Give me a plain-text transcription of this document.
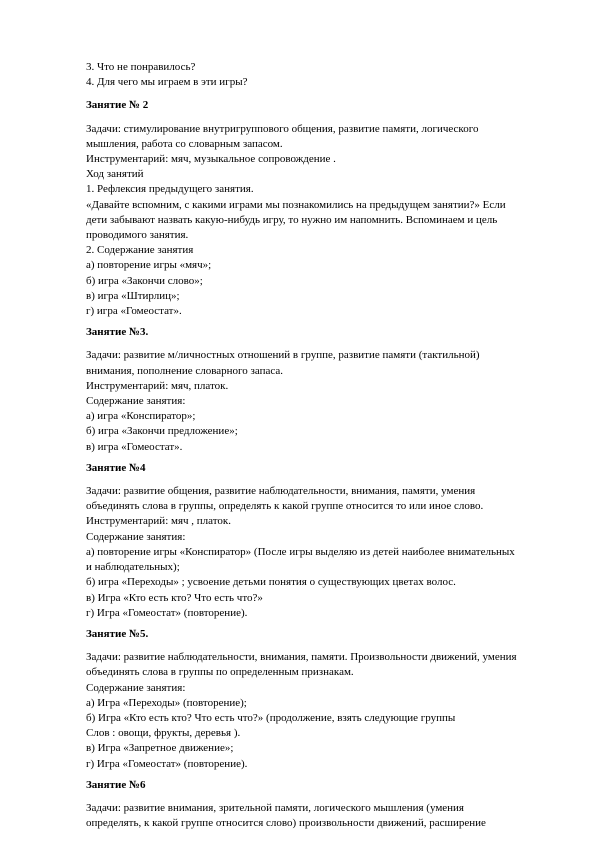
3. Что не понравилось?
4. Для чего мы играем в эти игры?
Занятие № 2
Задачи: стимулирование внутригруппового общения, развитие памяти, логического
мышления, работа со словарным запасом.
Инструментарий: мяч, музыкальное сопровождение .
Ход занятий
1. Рефлексия предыдущего занятия.
«Давайте вспомним, с какими играми мы познакомились на предыдущем занятии?» Если
дети забывают назвать какую-нибудь игру, то нужно им напомнить. Вспоминаем и цель
проводимого занятия.
2. Содержание занятия
а) повторение игры «мяч»;
б) игра «Закончи слово»;
в) игра «Штирлиц»;
г) игра «Гомеостат».
Занятие №3.
Задачи: развитие м/личностных отношений в группе, развитие памяти (тактильной)
внимания, пополнение словарного запаса.
Инструментарий: мяч, платок.
Содержание занятия:
а) игра «Конспиратор»;
б) игра «Закончи предложение»;
в) игра «Гомеостат».
Занятие №4
Задачи: развитие общения, развитие наблюдательности, внимания, памяти, умения
объединять слова в группы, определять к какой группе относится то или иное слово.
Инструментарий: мяч , платок.
Содержание занятия:
а) повторение игры «Конспиратор» (После игры выделяю из детей наиболее внимательных
и наблюдательных);
б) игра «Переходы» ; усвоение детьми понятия о существующих цветах волос.
в) Игра «Кто есть кто? Что есть что?»
г) Игра «Гомеостат» (повторение).
Занятие №5.
Задачи: развитие наблюдательности, внимания, памяти. Произвольности движений, умения
объединять слова в группы по определенным признакам.
Содержание занятия:
а) Игра «Переходы» (повторение);
б) Игра «Кто есть кто? Что есть что?» (продолжение, взять следующие группы
Слов : овощи, фрукты, деревья ).
в) Игра «Запретное движение»;
г) Игра «Гомеостат» (повторение).
Занятие №6
Задачи: развитие внимания, зрительной памяти, логического мышления (умения
определять, к какой группе относится слово) произвольности движений, расширение
